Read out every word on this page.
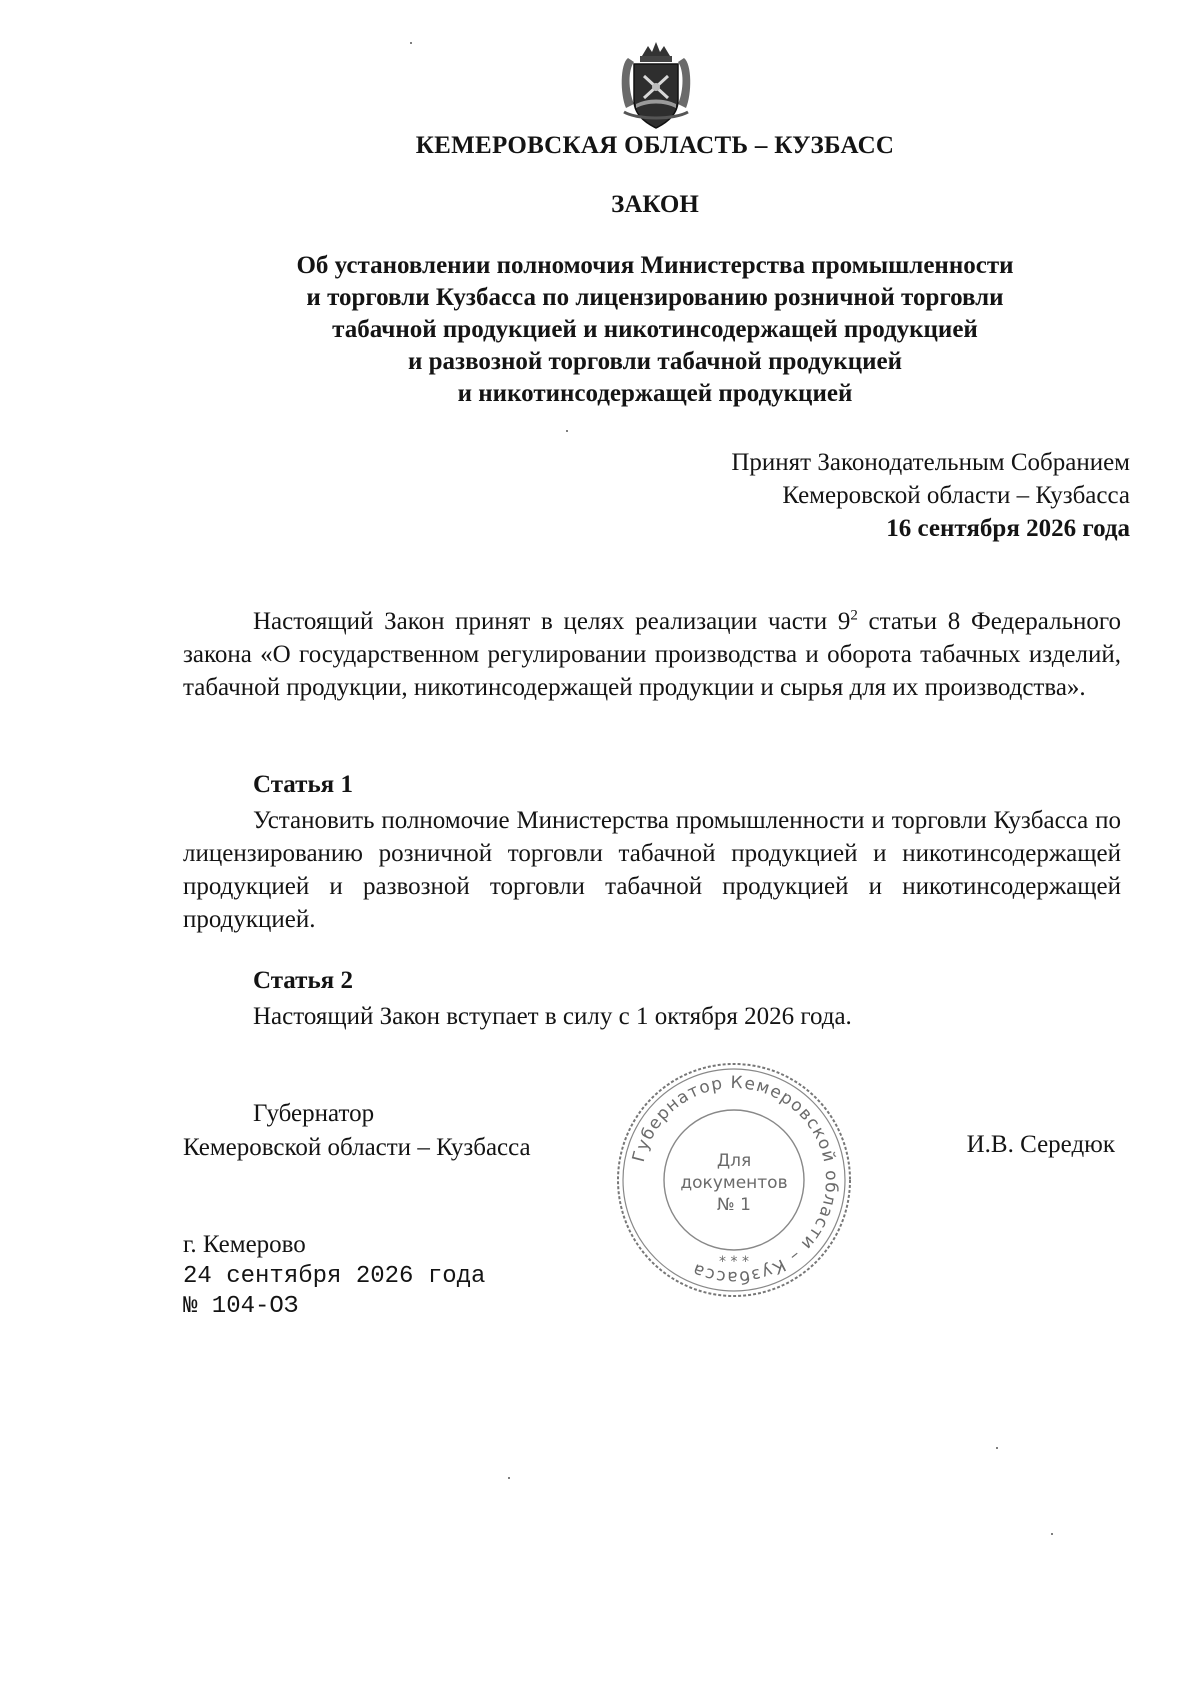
КЕМЕРОВСКАЯ ОБЛАСТЬ – КУЗБАСС
ЗАКОН
Об установлении полномочия Министерства промышленности
и торговли Кузбасса по лицензированию розничной торговли
табачной продукцией и никотинсодержащей продукцией
и развозной торговли табачной продукцией
и никотинсодержащей продукцией
Принят Законодательным Собранием
Кемеровской области – Кузбасса
16 сентября 2026 года
Настоящий Закон принят в целях реализации части $9^2$ статьи 8 Федерального закона «О государственном регулировании производства и оборота табачных изделий, табачной продукции, никотинсодержащей продукции и сырья для их производства».
Статья 1
Установить полномочие Министерства промышленности и торговли Кузбасса по лицензированию розничной торговли табачной продукцией и никотинсодержащей продукцией и развозной торговли табачной продукцией и никотинсодержащей продукцией.
Статья 2
Настоящий Закон вступает в силу с 1 октября 2026 года.
Губернатор
Кемеровской области – Кузбасса	И.В. Середюк
Губернатор Кемеровской области – Кузбасса
Для
документов
№ 1
* * *
г. Кемерово
24 сентября 2026 года
№ 104-ОЗ
